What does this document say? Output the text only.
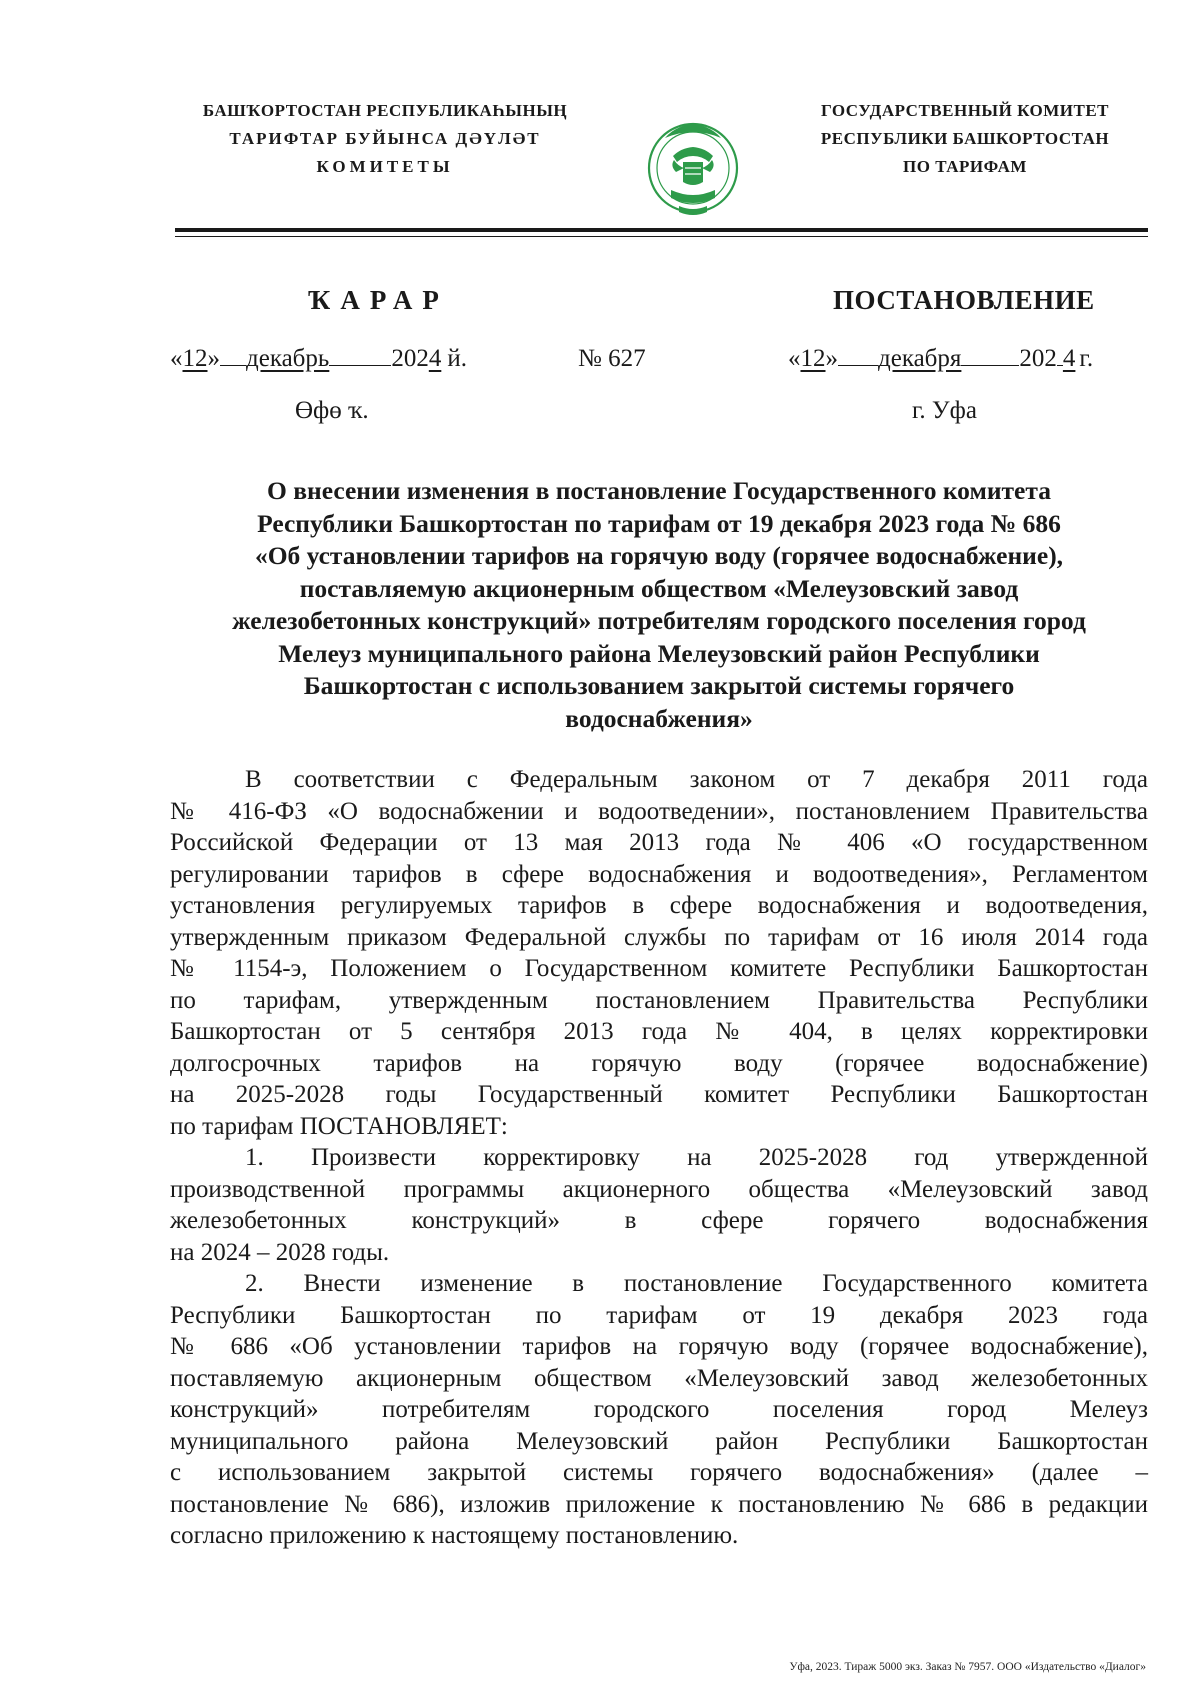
БАШҠОРТОСТАН РЕСПУБЛИКАҺЫНЫҢ
ТАРИФТАР БУЙЫНСА ДӘҮЛӘТ
КОМИТЕТЫ
ГОСУДАРСТВЕННЫЙ КОМИТЕТ
РЕСПУБЛИКИ БАШКОРТОСТАН
ПО ТАРИФАМ
ҠАРАР	ПОСТАНОВЛЕНИЕ
«12» декабрь 2024 й.	№ 627	«12» декабря 202 4 г.
Өфө ҡ.	г. Уфа
О внесении изменения в постановление Государственного комитета
Республики Башкортостан по тарифам от 19 декабря 2023 года № 686
«Об установлении тарифов на горячую воду (горячее водоснабжение),
поставляемую акционерным обществом «Мелеузовский завод
железобетонных конструкций» потребителям городского поселения город
Мелеуз муниципального района Мелеузовский район Республики
Башкортостан с использованием закрытой системы горячего
водоснабжения»
В соответствии с Федеральным законом от 7 декабря 2011 года
№ 416-ФЗ «О водоснабжении и водоотведении», постановлением Правительства
Российской Федерации от 13 мая 2013 года № 406 «О государственном
регулировании тарифов в сфере водоснабжения и водоотведения», Регламентом
установления регулируемых тарифов в сфере водоснабжения и водоотведения,
утвержденным приказом Федеральной службы по тарифам от 16 июля 2014 года
№ 1154-э, Положением о Государственном комитете Республики Башкортостан
по тарифам, утвержденным постановлением Правительства Республики
Башкортостан от 5 сентября 2013 года № 404, в целях корректировки
долгосрочных тарифов на горячую воду (горячее водоснабжение)
на 2025-2028 годы Государственный комитет Республики Башкортостан
по тарифам ПОСТАНОВЛЯЕТ:
1. Произвести корректировку на 2025-2028 год утвержденной
производственной программы акционерного общества «Мелеузовский завод
железобетонных конструкций» в сфере горячего водоснабжения
на 2024 – 2028 годы.
2. Внести изменение в постановление Государственного комитета
Республики Башкортостан по тарифам от 19 декабря 2023 года
№ 686 «Об установлении тарифов на горячую воду (горячее водоснабжение),
поставляемую акционерным обществом «Мелеузовский завод железобетонных
конструкций» потребителям городского поселения город Мелеуз
муниципального района Мелеузовский район Республики Башкортостан
с использованием закрытой системы горячего водоснабжения» (далее –
постановление № 686), изложив приложение к постановлению № 686 в редакции
согласно приложению к настоящему постановлению.
Уфа, 2023. Тираж 5000 экз. Заказ № 7957. ООО «Издательство «Диалог»
